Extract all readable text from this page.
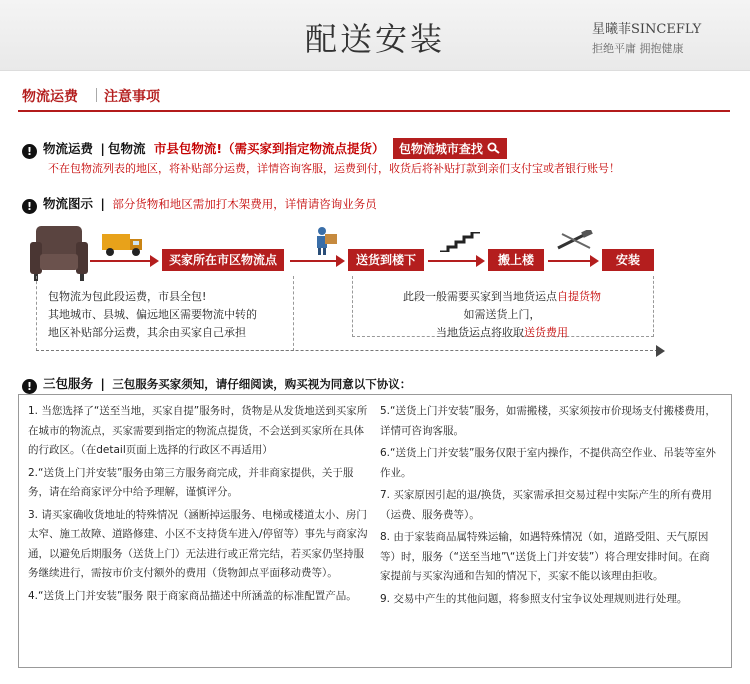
配送安装	星曦菲SINCEFLY
拒绝平庸 拥抱健康
物流运费 注意事项
! 物流运费 | 包物流 市县包物流!（需买家到指定物流点提货） 包物流城市查找
不在包物流列表的地区，将补贴部分运费，详情咨询客服，运费到付，收货后将补贴打款到亲们支付宝或者银行账号！
! 物流图示 | 部分货物和地区需加打木架费用，详情请咨询业务员
买家所在市区物流点	送货到楼下	搬上楼	安装
包物流为包此段运费，市县全包!
其地城市、县城、偏远地区需要物流中转的
地区补贴部分运费，其余由买家自己承担
此段一般需要买家到当地货运点自提货物
如需送货上门，
当地货运点将收取送货费用
! 三包服务 | 三包服务买家须知，请仔细阅读，购买视为同意以下协议：

1. 当您选择了“送至当地，买家自提”服务时，货物是从发货地送到买家所在城市的物流点，买家需要到指定的物流点提货，不会送到买家所在具体的行政区。（在detail页面上选择的行政区不再适用）

2.“送货上门并安装”服务由第三方服务商完成，并非商家提供，关于服务，请在给商家评分中给予理解，谨慎评分。

3. 请买家确收货地址的特殊情况（涵断掉运服务、电梯或楼道太小、房门太窄、施工故障、道路修建、小区不支持货车进入/停留等）事先与商家沟通，以避免后期服务（送货上门）无法进行或正常完结，若买家仍坚持服务继续进行，需按市价支付额外的费用（货物卸点平面移动费等）。

4.“送货上门并安装”服务 限于商家商品描述中所涵盖的标准配置产品。

5.“送货上门并安装”服务，如需搬楼，买家须按市价现场支付搬楼费用，详情可咨询客服。

6.“送货上门并安装”服务仅限于室内操作，不提供高空作业、吊装等室外作业。

7. 买家原因引起的退/换货，买家需承担交易过程中实际产生的所有费用（运费、服务费等）。

8. 由于家装商品属特殊运输，如遇特殊情况（如，道路受阻、天气原因等）时，服务（“送至当地”\“送货上门并安装”）将合理安排时间。在商家提前与买家沟通和告知的情况下，买家不能以该理由拒收。

9. 交易中产生的其他问题，将参照支付宝争议处理规则进行处理。
